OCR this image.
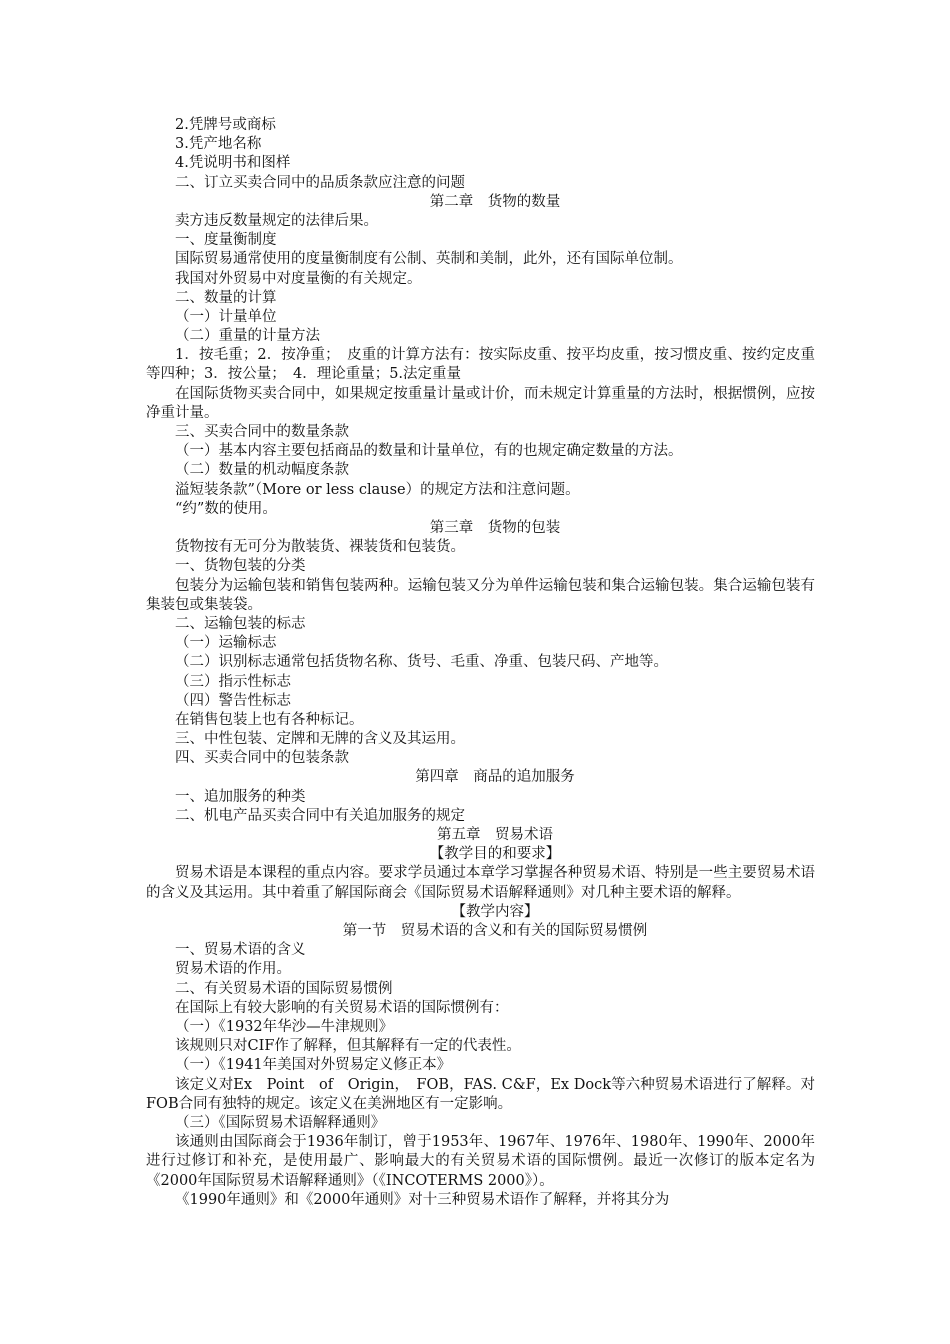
2.凭牌号或商标
3.凭产地名称
4.凭说明书和图样
二、订立买卖合同中的品质条款应注意的问题
第二章　货物的数量
卖方违反数量规定的法律后果。
一、度量衡制度
国际贸易通常使用的度量衡制度有公制、英制和美制，此外，还有国际单位制。
我国对外贸易中对度量衡的有关规定。
二、数量的计算
（一）计量单位
（二）重量的计量方法
1．按毛重；2．按净重；　皮重的计算方法有：按实际皮重、按平均皮重，按习惯皮重、按约定皮重等四种；3．按公量；　4．理论重量；5.法定重量
在国际货物买卖合同中，如果规定按重量计量或计价，而未规定计算重量的方法时，根据惯例，应按净重计量。
三、买卖合同中的数量条款
（一）基本内容主要包括商品的数量和计量单位，有的也规定确定数量的方法。
（二）数量的机动幅度条款
溢短装条款”（More or less clause）的规定方法和注意问题。
“约”数的使用。
第三章　货物的包装
货物按有无可分为散装货、裸装货和包装货。
一、货物包装的分类
包装分为运输包装和销售包装两种。运输包装又分为单件运输包装和集合运输包装。集合运输包装有集装包或集装袋。
二、运输包装的标志
（一）运输标志
（二）识别标志通常包括货物名称、货号、毛重、净重、包装尺码、产地等。
（三）指示性标志
（四）警告性标志
在销售包装上也有各种标记。
三、中性包装、定牌和无牌的含义及其运用。
四、买卖合同中的包装条款
第四章　商品的追加服务
一、追加服务的种类
二、机电产品买卖合同中有关追加服务的规定
第五章　贸易术语
【教学目的和要求】
贸易术语是本课程的重点内容。要求学员通过本章学习掌握各种贸易术语、特别是一些主要贸易术语的含义及其运用。其中着重了解国际商会《国际贸易术语解释通则》对几种主要术语的解释。
【教学内容】
第一节　贸易术语的含义和有关的国际贸易惯例
一、贸易术语的含义
贸易术语的作用。
二、有关贸易术语的国际贸易惯例
在国际上有较大影响的有关贸易术语的国际惯例有：
（一）《1932年华沙—牛津规则》
该规则只对CIF作了解释，但其解释有一定的代表性。
（一）《1941年美国对外贸易定义修正本》
该定义对Ex　Point　of　Origin，　FOB，FAS. C&F，Ex Dock等六种贸易术语进行了解释。对FOB合同有独特的规定。该定义在美洲地区有一定影响。
（三）《国际贸易术语解释通则》
该通则由国际商会于1936年制订，曾于1953年、1967年、1976年、1980年、1990年、2000年进行过修订和补充，是使用最广、影响最大的有关贸易术语的国际惯例。最近一次修订的版本定名为《2000年国际贸易术语解释通则》（《INCOTERMS 2000》）。
《1990年通则》和《2000年通则》对十三种贸易术语作了解释，并将其分为
